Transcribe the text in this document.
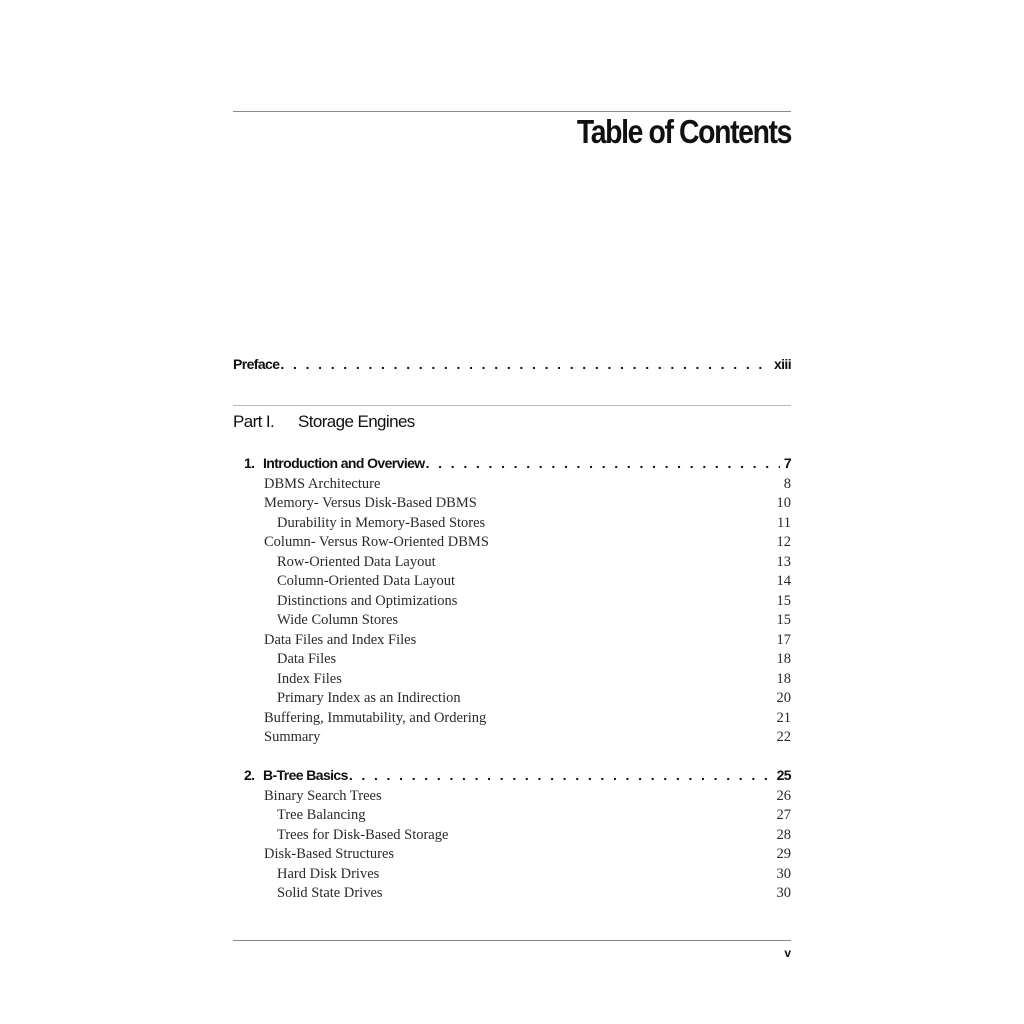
Table of Contents
Preface . . .	xiii
Part I.	Storage Engines
1. Introduction and Overview . . .	7
DBMS Architecture	8
Memory- Versus Disk-Based DBMS	10
Durability in Memory-Based Stores	11
Column- Versus Row-Oriented DBMS	12
Row-Oriented Data Layout	13
Column-Oriented Data Layout	14
Distinctions and Optimizations	15
Wide Column Stores	15
Data Files and Index Files	17
Data Files	18
Index Files	18
Primary Index as an Indirection	20
Buffering, Immutability, and Ordering	21
Summary	22
2. B-Tree Basics . . .	25
Binary Search Trees	26
Tree Balancing	27
Trees for Disk-Based Storage	28
Disk-Based Structures	29
Hard Disk Drives	30
Solid State Drives	30
v
